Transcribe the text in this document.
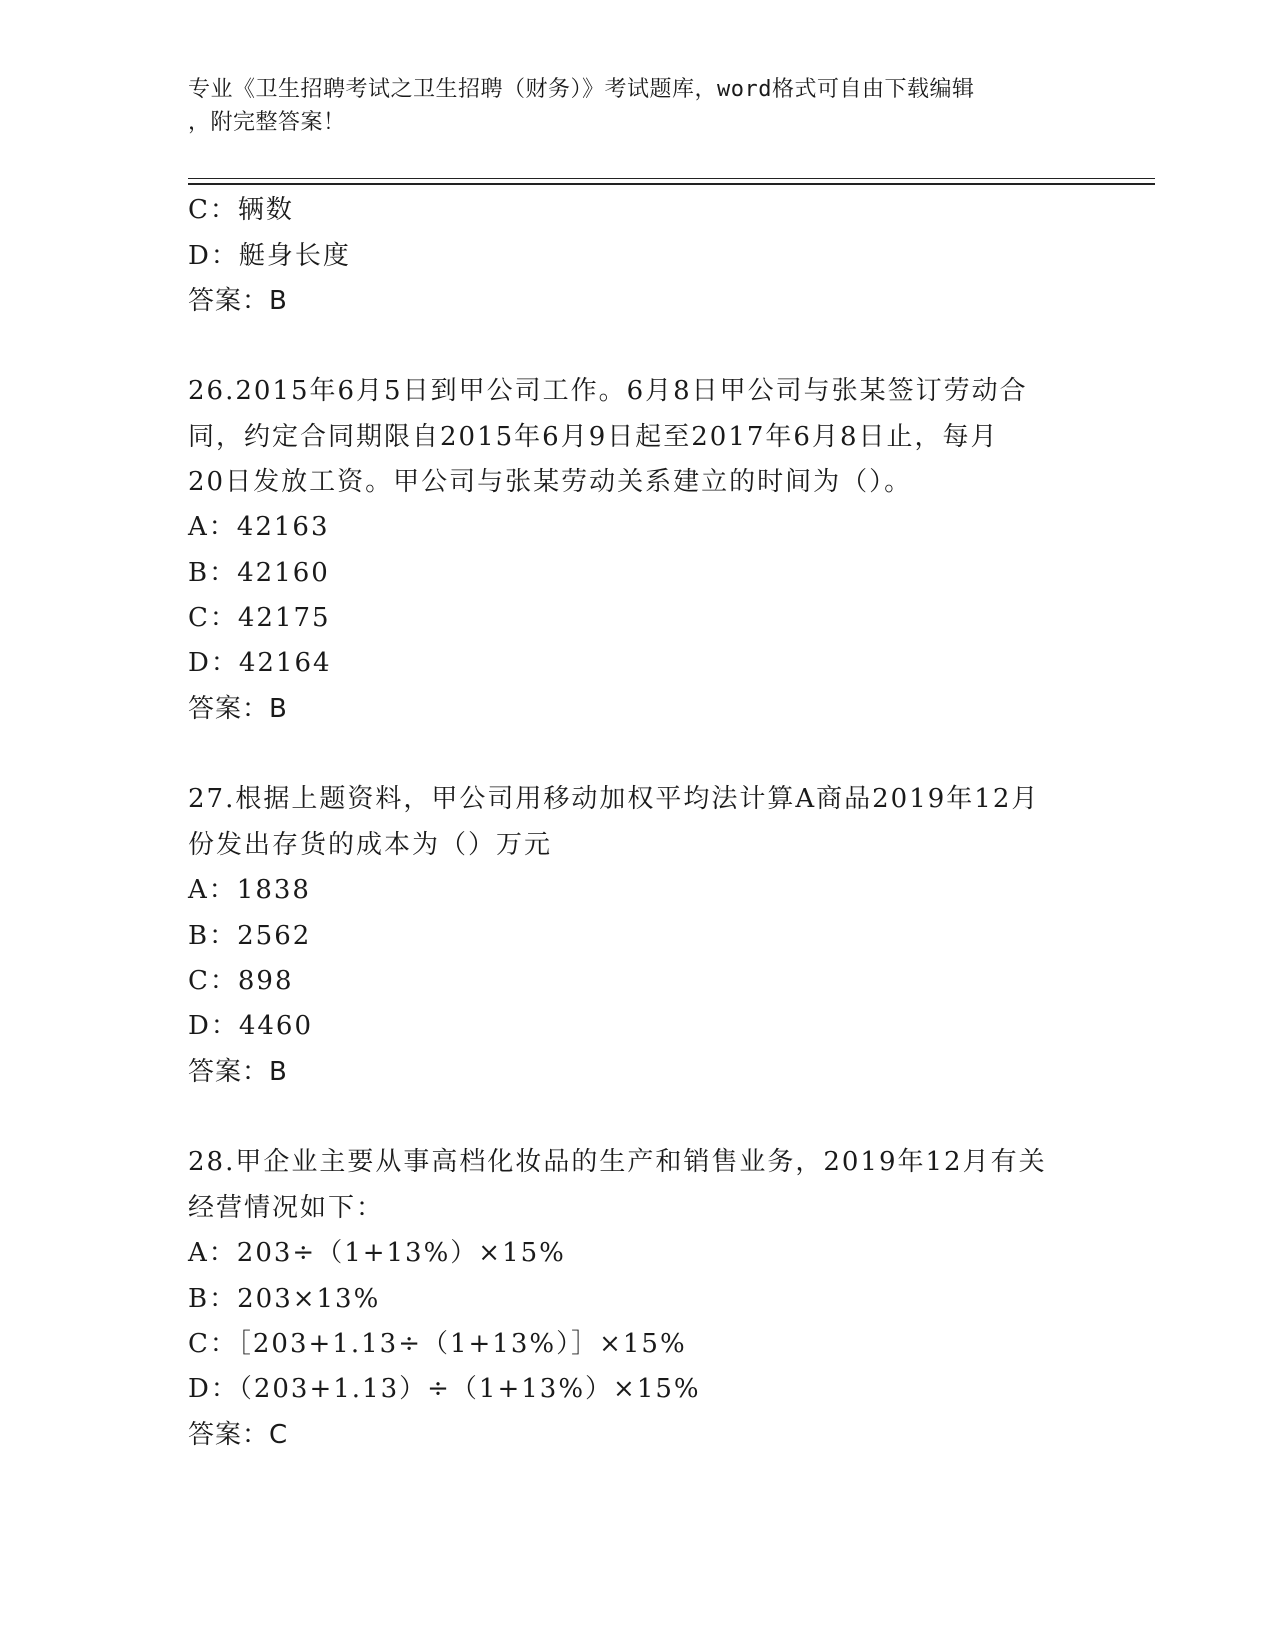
专业《卫生招聘考试之卫生招聘（财务）》考试题库，word格式可自由下载编辑
，附完整答案！
C：辆数
D：艇身长度
答案：B
26.2015年6月5日到甲公司工作。6月8日甲公司与张某签订劳动合
同，约定合同期限自2015年6月9日起至2017年6月8日止，每月
20日发放工资。甲公司与张某劳动关系建立的时间为（）。
A：42163
B：42160
C：42175
D：42164
答案：B
27.根据上题资料，甲公司用移动加权平均法计算A商品2019年12月
份发出存货的成本为（）万元
A：1838
B：2562
C：898
D：4460
答案：B
28.甲企业主要从事高档化妆品的生产和销售业务，2019年12月有关
经营情况如下：
A：203÷（1+13%）×15%
B：203×13%
C：［203+1.13÷（1+13%）］×15%
D：（203+1.13）÷（1+13%）×15%
答案：C
